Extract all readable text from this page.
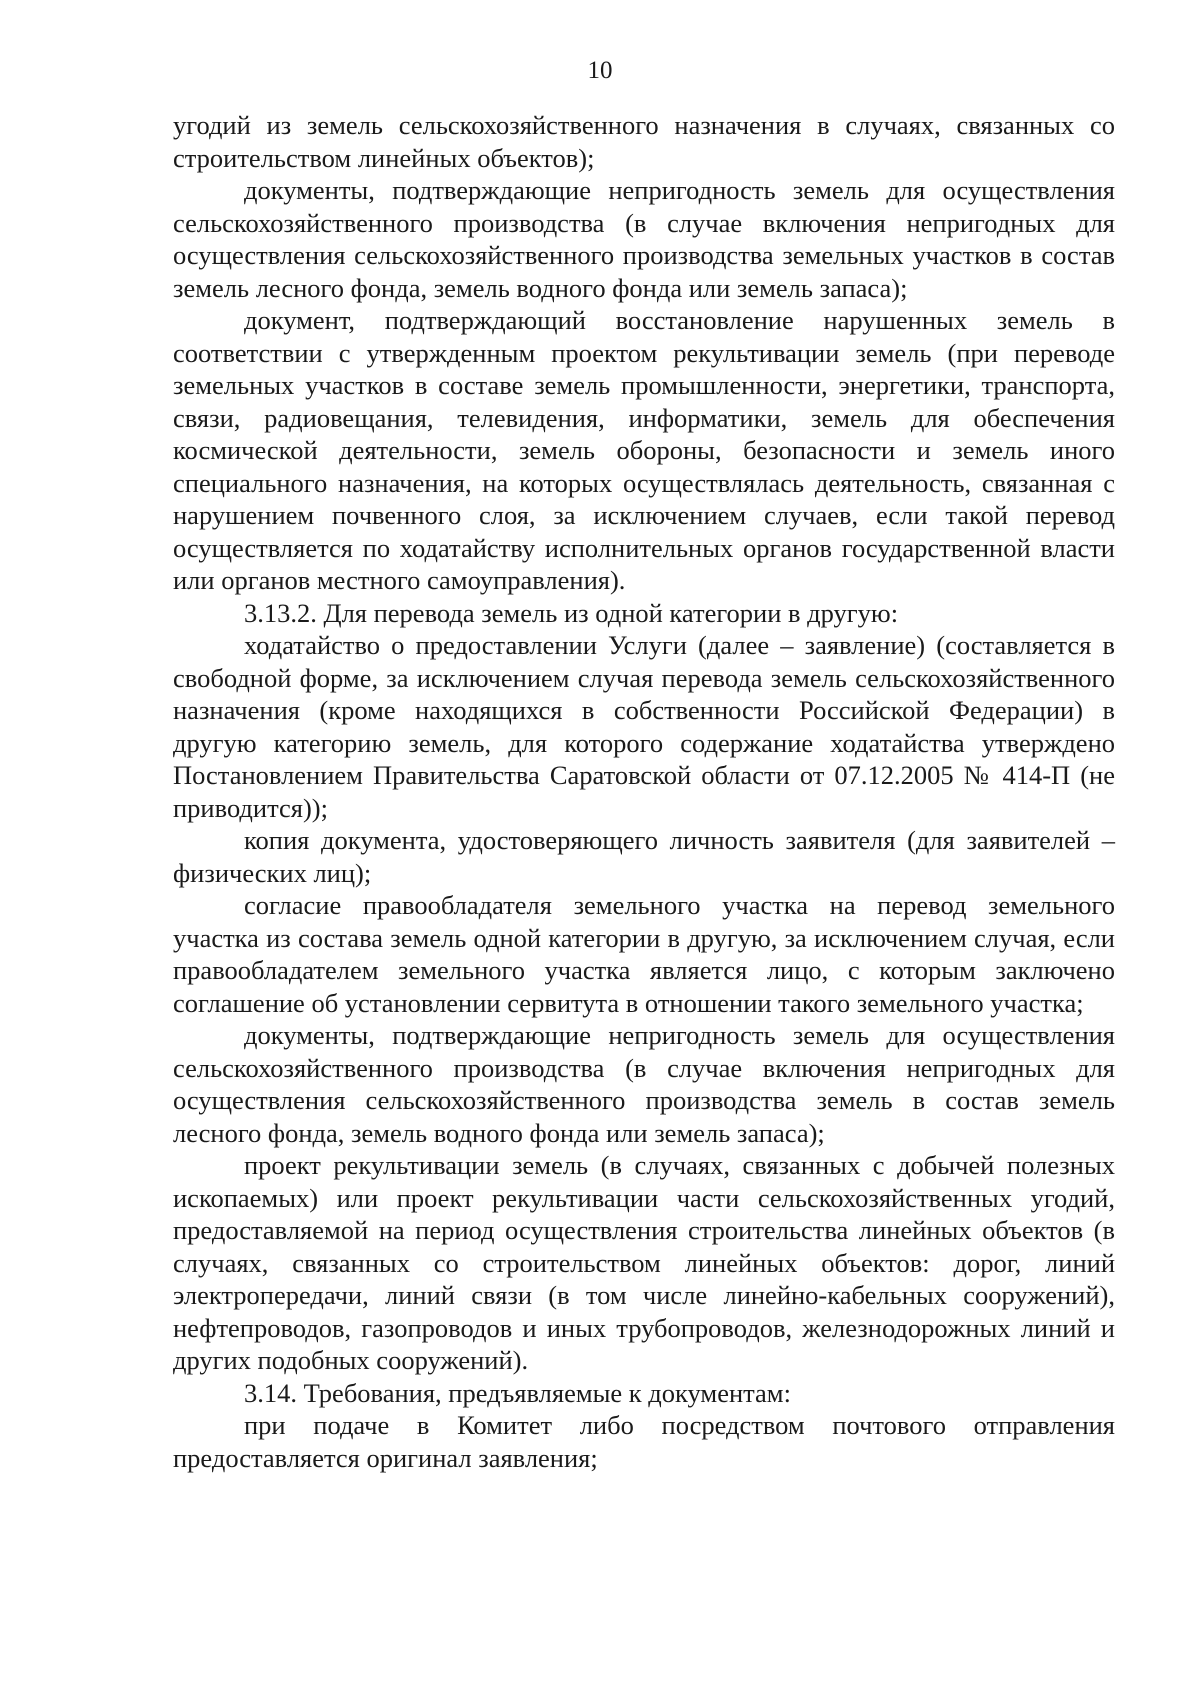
10

угодий из земель сельскохозяйственного назначения в случаях, связанных со строительством линейных объектов);

документы, подтверждающие непригодность земель для осуществления сельскохозяйственного производства (в случае включения непригодных для осуществления сельскохозяйственного производства земельных участков в состав земель лесного фонда, земель водного фонда или земель запаса);

документ, подтверждающий восстановление нарушенных земель в соответствии с утвержденным проектом рекультивации земель (при переводе земельных участков в составе земель промышленности, энергетики, транспорта, связи, радиовещания, телевидения, информатики, земель для обеспечения космической деятельности, земель обороны, безопасности и земель иного специального назначения, на которых осуществлялась деятельность, связанная с нарушением почвенного слоя, за исключением случаев, если такой перевод осуществляется по ходатайству исполнительных органов государственной власти или органов местного самоуправления).

3.13.2. Для перевода земель из одной категории в другую:

ходатайство о предоставлении Услуги (далее – заявление) (составляется в свободной форме, за исключением случая перевода земель сельскохозяйственного назначения (кроме находящихся в собственности Российской Федерации) в другую категорию земель, для которого содержание ходатайства утверждено Постановлением Правительства Саратовской области от 07.12.2005 № 414-П (не приводится));

копия документа, удостоверяющего личность заявителя (для заявителей – физических лиц);

согласие правообладателя земельного участка на перевод земельного участка из состава земель одной категории в другую, за исключением случая, если правообладателем земельного участка является лицо, с которым заключено соглашение об установлении сервитута в отношении такого земельного участка;

документы, подтверждающие непригодность земель для осуществления сельскохозяйственного производства (в случае включения непригодных для осуществления сельскохозяйственного производства земель в состав земель лесного фонда, земель водного фонда или земель запаса);

проект рекультивации земель (в случаях, связанных с добычей полезных ископаемых) или проект рекультивации части сельскохозяйственных угодий, предоставляемой на период осуществления строительства линейных объектов (в случаях, связанных со строительством линейных объектов: дорог, линий электропередачи, линий связи (в том числе линейно-кабельных сооружений), нефтепроводов, газопроводов и иных трубопроводов, железнодорожных линий и других подобных сооружений).

3.14. Требования, предъявляемые к документам:

при подаче в Комитет либо посредством почтового отправления предоставляется оригинал заявления;
